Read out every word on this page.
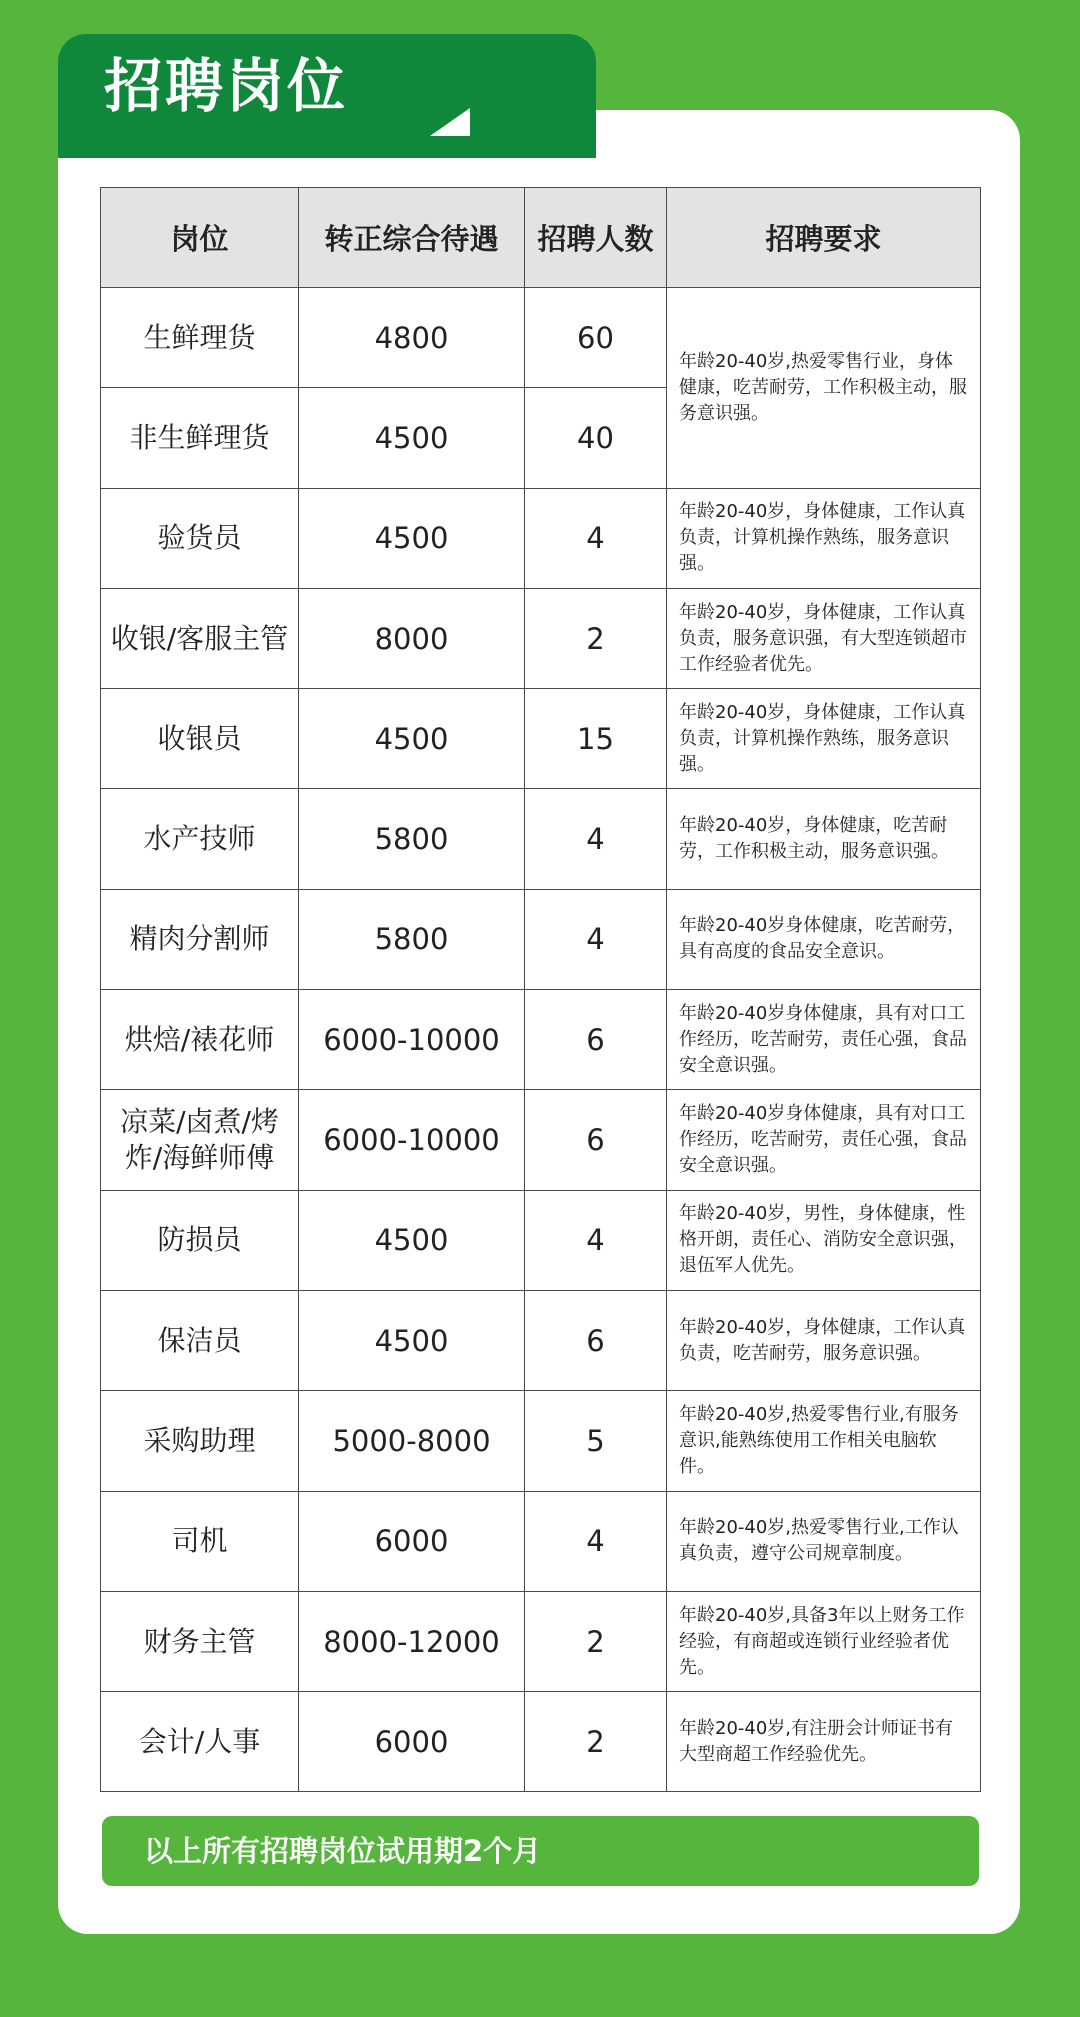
招聘岗位
岗位	转正综合待遇	招聘人数	招聘要求
生鲜理货	4800	60	年龄20-40岁,热爱零售行业，身体健康，吃苦耐劳，工作积极主动，服务意识强。
非生鲜理货	4500	40	
验货员	4500	4	年龄20-40岁，身体健康，工作认真负责，计算机操作熟练，服务意识强。
收银/客服主管	8000	2	年龄20-40岁，身体健康，工作认真负责，服务意识强，有大型连锁超市工作经验者优先。
收银员	4500	15	年龄20-40岁，身体健康，工作认真负责，计算机操作熟练，服务意识强。
水产技师	5800	4	年龄20-40岁，身体健康，吃苦耐劳，工作积极主动，服务意识强。
精肉分割师	5800	4	年龄20-40岁身体健康，吃苦耐劳，具有高度的食品安全意识。
烘焙/裱花师	6000-10000	6	年龄20-40岁身体健康，具有对口工作经历，吃苦耐劳，责任心强，食品安全意识强。
凉菜/卤煮/烤炸/海鲜师傅	6000-10000	6	年龄20-40岁身体健康，具有对口工作经历，吃苦耐劳，责任心强，食品安全意识强。
防损员	4500	4	年龄20-40岁，男性，身体健康，性格开朗，责任心、消防安全意识强，退伍军人优先。
保洁员	4500	6	年龄20-40岁，身体健康，工作认真负责，吃苦耐劳，服务意识强。
采购助理	5000-8000	5	年龄20-40岁,热爱零售行业,有服务意识,能熟练使用工作相关电脑软件。
司机	6000	4	年龄20-40岁,热爱零售行业,工作认真负责，遵守公司规章制度。
财务主管	8000-12000	2	年龄20-40岁,具备3年以上财务工作经验，有商超或连锁行业经验者优先。
会计/人事	6000	2	年龄20-40岁,有注册会计师证书有大型商超工作经验优先。
以上所有招聘岗位试用期2个月
